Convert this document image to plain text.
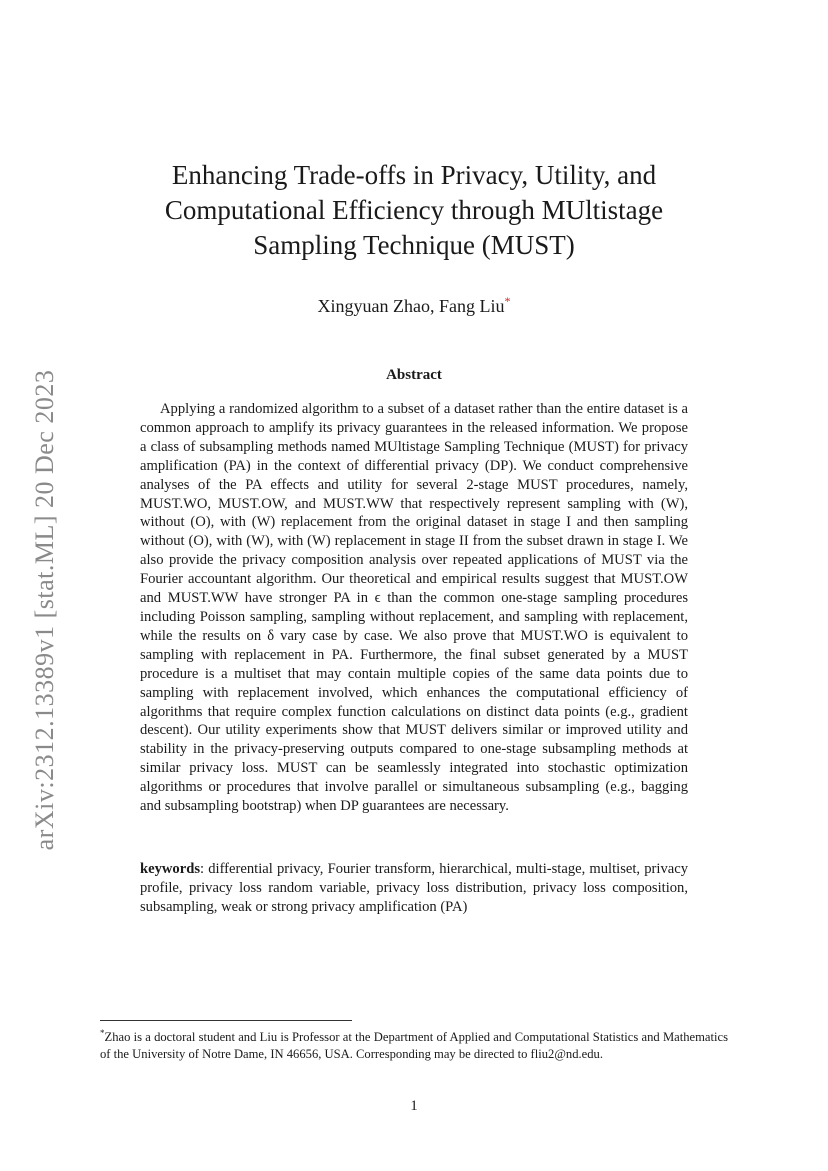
arXiv:2312.13389v1 [stat.ML] 20 Dec 2023
Enhancing Trade-offs in Privacy, Utility, and
Computational Efficiency through MUltistage
Sampling Technique (MUST)
Xingyuan Zhao, Fang Liu*
Abstract

Applying a randomized algorithm to a subset of a dataset rather than the entire dataset is a common approach to amplify its privacy guarantees in the released information. We propose a class of subsampling methods named MUltistage Sampling Technique (MUST) for privacy amplification (PA) in the context of differential privacy (DP). We conduct comprehensive analyses of the PA effects and utility for several 2-stage MUST procedures, namely, MUST.WO, MUST.OW, and MUST.WW that respectively represent sampling with (W), without (O), with (W) replacement from the original dataset in stage I and then sampling without (O), with (W), with (W) replacement in stage II from the subset drawn in stage I. We also provide the privacy composition analysis over repeated applications of MUST via the Fourier accountant algorithm. Our theoretical and empirical results suggest that MUST.OW and MUST.WW have stronger PA in ϵ than the common one-stage sampling procedures including Poisson sampling, sampling without replacement, and sampling with replacement, while the results on δ vary case by case. We also prove that MUST.WO is equivalent to sampling with replacement in PA. Furthermore, the final subset generated by a MUST procedure is a multiset that may contain multiple copies of the same data points due to sampling with replacement involved, which enhances the computational efficiency of algorithms that require complex function calculations on distinct data points (e.g., gradient descent). Our utility experiments show that MUST delivers similar or improved utility and stability in the privacy-preserving outputs compared to one-stage subsampling methods at similar privacy loss. MUST can be seamlessly integrated into stochastic optimization algorithms or procedures that involve parallel or simultaneous subsampling (e.g., bagging and subsampling bootstrap) when DP guarantees are necessary.

keywords: differential privacy, Fourier transform, hierarchical, multi-stage, multiset, privacy profile, privacy loss random variable, privacy loss distribution, privacy loss composition, subsampling, weak or strong privacy amplification (PA)

*Zhao is a doctoral student and Liu is Professor at the Department of Applied and Computational Statistics and Mathematics of the University of Notre Dame, IN 46656, USA. Corresponding may be directed to fliu2@nd.edu.

1
